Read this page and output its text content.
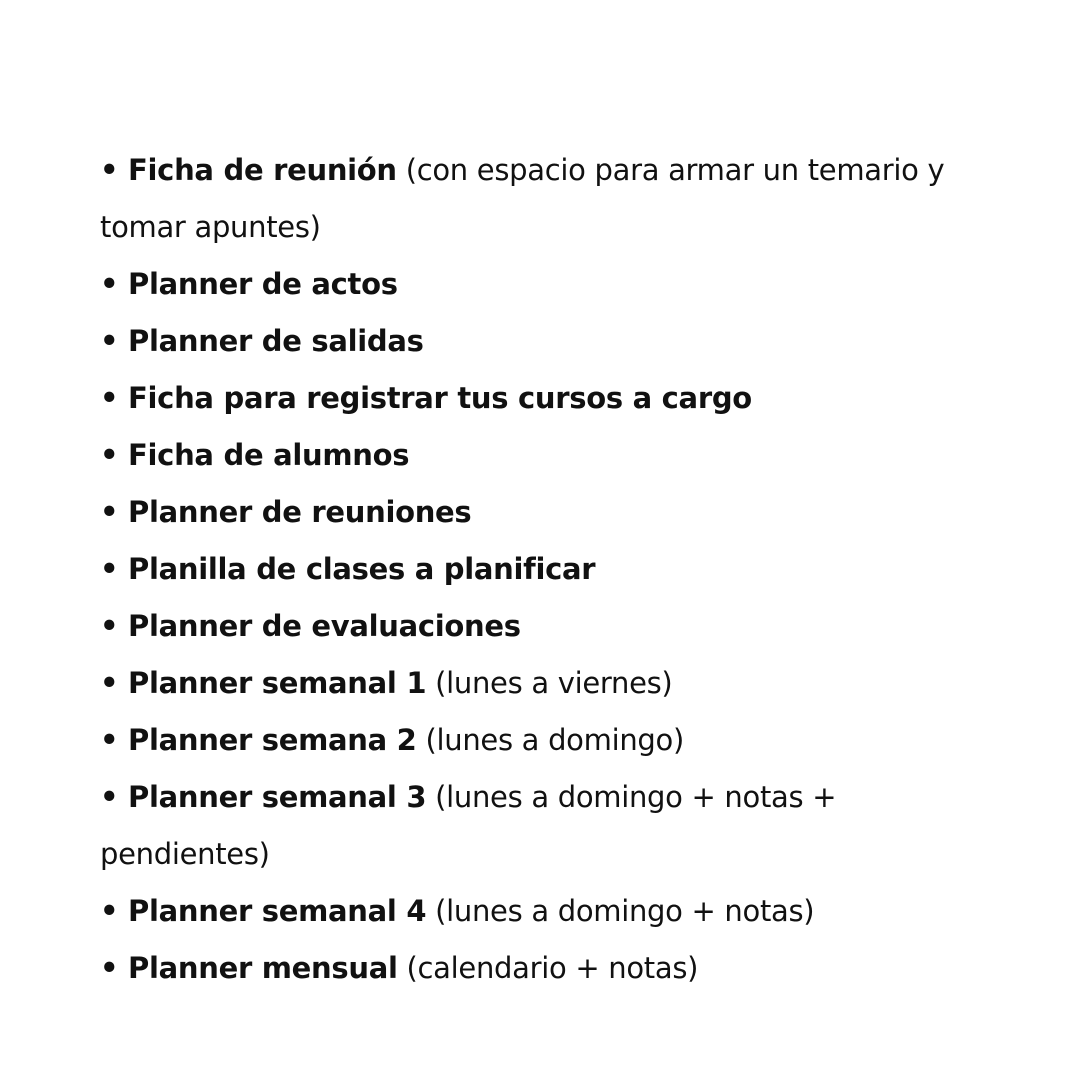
• Ficha de reunión (con espacio para armar un temario y tomar apuntes)
• Planner de actos
• Planner de salidas
• Ficha para registrar tus cursos a cargo
• Ficha de alumnos
• Planner de reuniones
• Planilla de clases a planificar
• Planner de evaluaciones
• Planner semanal 1 (lunes a viernes)
• Planner semana 2 (lunes a domingo)
• Planner semanal 3 (lunes a domingo + notas + pendientes)
• Planner semanal 4 (lunes a domingo + notas)
• Planner mensual (calendario + notas)
